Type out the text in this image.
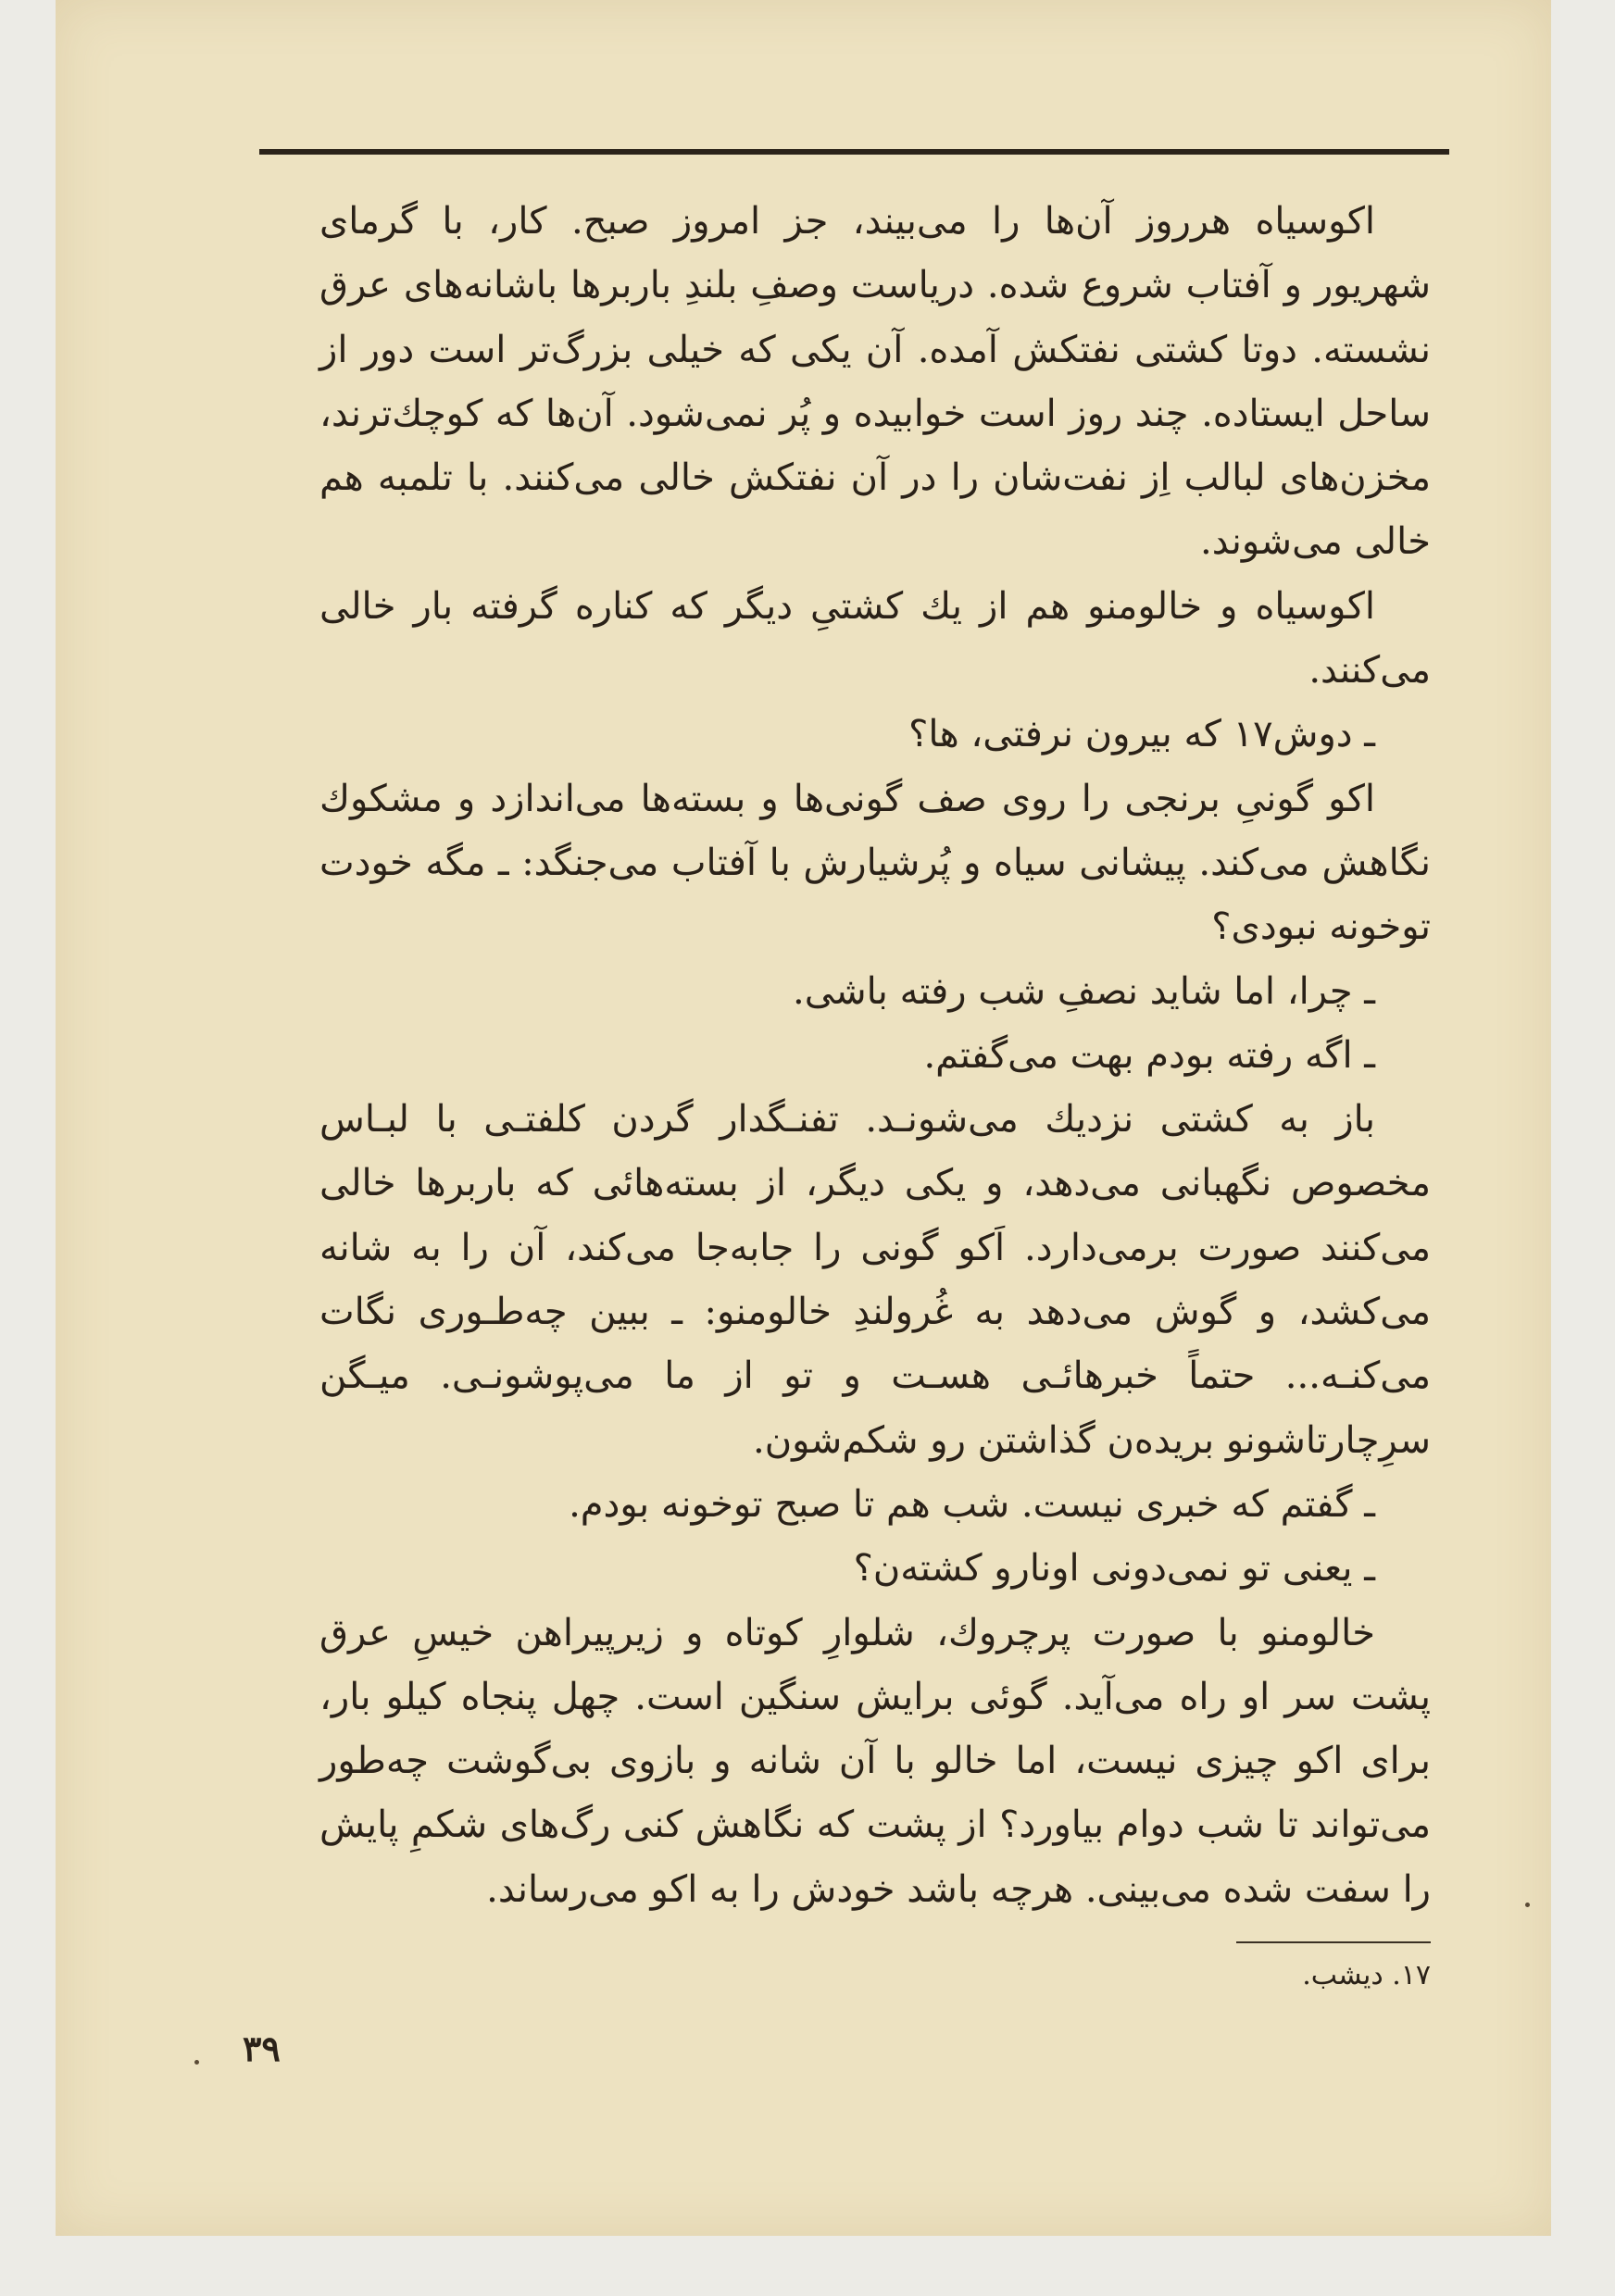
اکوسیاه هرروز آن‌ها را می‌بیند، جز امروز صبح. کار، با گرمای شهریور و آفتاب شروع شده. دریاست وصفِ بلندِ باربرها باشانه‌های عرق نشسته. دوتا کشتی نفتکش آمده. آن یکی که خیلی بزرگ‌تر است دور از ساحل ایستاده. چند روز است خوابیده و پُر نمی‌شود. آن‌ها که کوچك‌ترند، مخزن‌های لبالب اِز نفت‌شان را در آن نفتکش خالی می‌کنند. با تلمبه هم خالی می‌شوند.

اکوسیاه و خالومنو هم از یك کشتیِ دیگر که کناره گرفته بار خالی می‌کنند.

ـ دوش۱۷ که بیرون نرفتی، ها؟

اکو گونیِ برنجی را روی صف گونی‌ها و بسته‌ها می‌اندازد و مشکوك نگاهش می‌کند. پیشانی سیاه و پُرشیارش با آفتاب می‌جنگد: ـ مگه خودت توخونه نبودی؟

ـ چرا، اما شاید نصفِ شب رفته باشی.

ـ اگه رفته بودم بهت می‌گفتم.

باز به کشتی نزدیك می‌شونـد. تفنـگدار گردن کلفتـی با لبـاس مخصوص نگهبانی می‌دهد، و یکی دیگر، از بسته‌هائی که باربرها خالی می‌کنند صورت برمی‌دارد. اَکو گونی را جابه‌جا می‌کند، آن را به شانه می‌کشد، و گوش می‌دهد به غُرولندِ خالومنو: ـ ببین چه‌طـوری نگات می‌کنـه... حتماً خبرهائـی هسـت و تو از ما می‌پوشونـی. میـگن سرِچارتاشونو بریده‌ن گذاشتن رو شکم‌شون.

ـ گفتم که خبری نیست. شب هم تا صبح توخونه بودم.

ـ یعنی تو نمی‌دونی اونارو کشته‌ن؟

خالومنو با صورت پرچروك، شلوارِ کوتاه و زیرپیراهن خیسِ عرق پشت سر او راه می‌آید. گوئی برایش سنگین است. چهل پنجاه کیلو بار، برای اکو چیزی نیست، اما خالو با آن شانه و بازوی بی‌گوشت چه‌طور می‌تواند تا شب دوام بیاورد؟ از پشت که نگاهش کنی رگ‌های شکمِ پایش را سفت شده می‌بینی. هرچه باشد خودش را به اکو می‌رساند.

۱۷. دیشب.
۳۹
